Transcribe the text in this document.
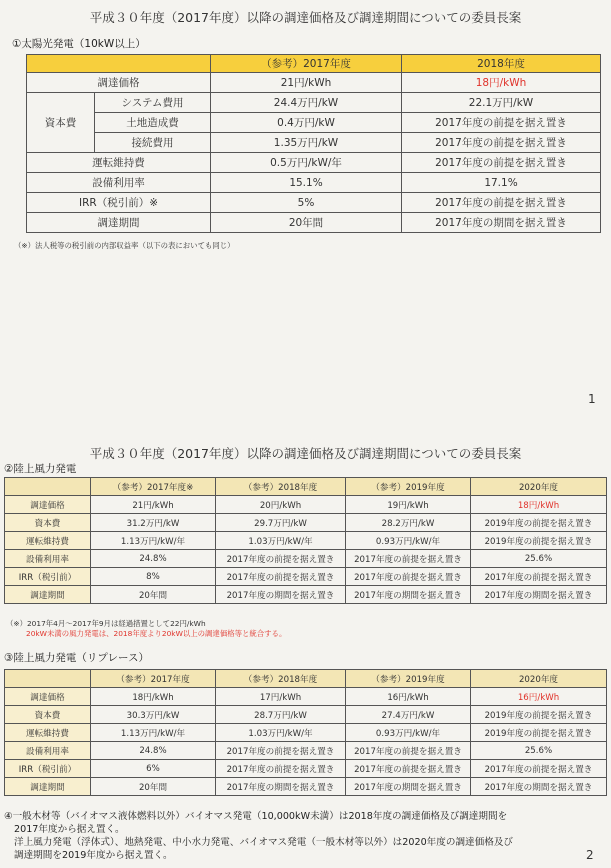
平成３０年度（2017年度）以降の調達価格及び調達期間についての委員長案
①太陽光発電（10kW以上）
		（参考）2017年度	2018年度
調達価格		21円/kWh	18円/kWh
資本費	システム費用	24.4万円/kW	22.1万円/kW
	土地造成費	0.4万円/kW	2017年度の前提を据え置き
	接続費用	1.35万円/kW	2017年度の前提を据え置き
運転維持費		0.5万円/kW/年	2017年度の前提を据え置き
設備利用率		15.1%	17.1%
IRR（税引前）※		5%	2017年度の前提を据え置き
調達期間		20年間	2017年度の期間を据え置き
（※）法人税等の税引前の内部収益率（以下の表においても同じ）
1
平成３０年度（2017年度）以降の調達価格及び調達期間についての委員長案
②陸上風力発電
	（参考）2017年度※	（参考）2018年度	（参考）2019年度	2020年度
調達価格	21円/kWh	20円/kWh	19円/kWh	18円/kWh
資本費	31.2万円/kW	29.7万円/kW	28.2万円/kW	2019年度の前提を据え置き
運転維持費	1.13万円/kW/年	1.03万円/kW/年	0.93万円/kW/年	2019年度の前提を据え置き
設備利用率	24.8%	2017年度の前提を据え置き	2017年度の前提を据え置き	25.6%
IRR（税引前）	8%	2017年度の前提を据え置き	2017年度の前提を据え置き	2017年度の前提を据え置き
調達期間	20年間	2017年度の期間を据え置き	2017年度の期間を据え置き	2017年度の期間を据え置き
（※）2017年4月〜2017年9月は経過措置として22円/kWh
20kW未満の風力発電は、2018年度より20kW以上の調達価格等と統合する。
③陸上風力発電（リプレース）
	（参考）2017年度	（参考）2018年度	（参考）2019年度	2020年度
調達価格	18円/kWh	17円/kWh	16円/kWh	16円/kWh
資本費	30.3万円/kW	28.7万円/kW	27.4万円/kW	2019年度の前提を据え置き
運転維持費	1.13万円/kW/年	1.03万円/kW/年	0.93万円/kW/年	2019年度の前提を据え置き
設備利用率	24.8%	2017年度の前提を据え置き	2017年度の前提を据え置き	25.6%
IRR（税引前）	6%	2017年度の前提を据え置き	2017年度の前提を据え置き	2017年度の前提を据え置き
調達期間	20年間	2017年度の期間を据え置き	2017年度の期間を据え置き	2017年度の期間を据え置き
④一般木材等（バイオマス液体燃料以外）バイオマス発電（10,000kW未満）は2018年度の調達価格及び調達期間を
2017年度から据え置く。
洋上風力発電（浮体式）、地熱発電、中小水力発電、バイオマス発電（一般木材等以外）は2020年度の調達価格及び
調達期間を2019年度から据え置く。	2
